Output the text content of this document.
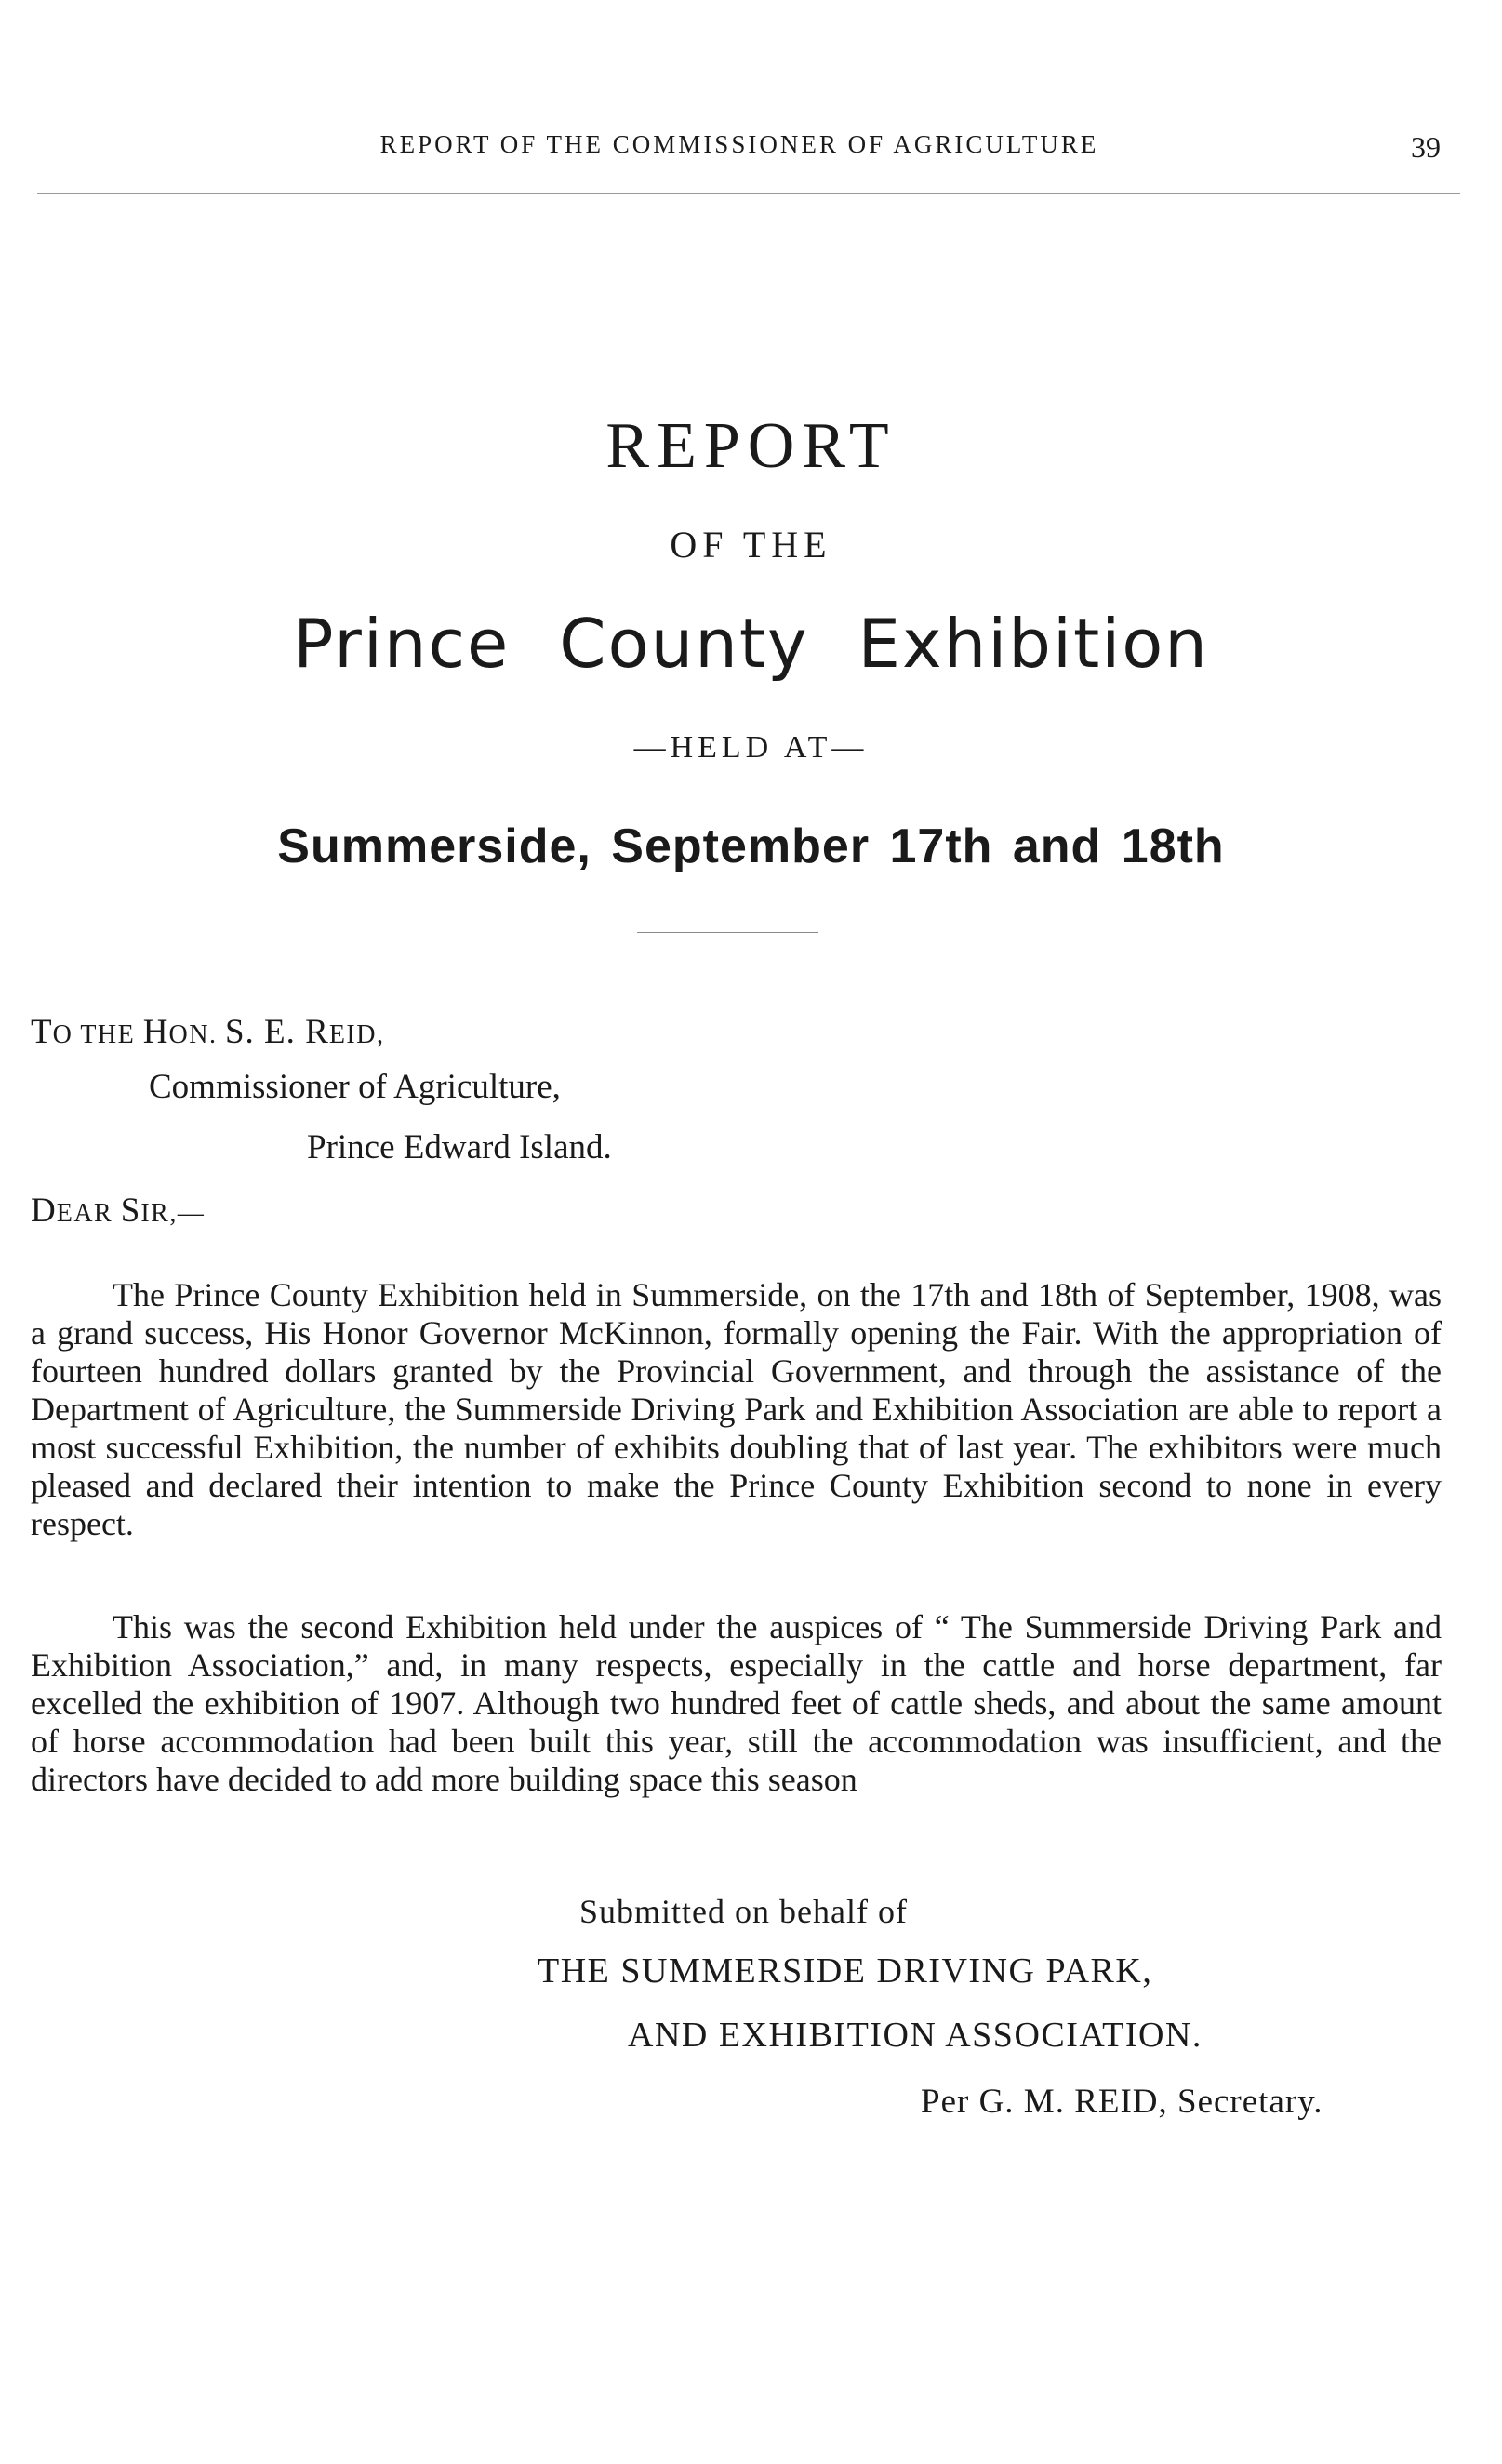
REPORT OF THE COMMISSIONER OF AGRICULTURE	39
REPORT
OF THE
Prince County Exhibition
—HELD AT—
Summerside, September 17th and 18th
TO THE HON. S. E. REID,
Commissioner of Agriculture,
Prince Edward Island.
DEAR SIR,—

The Prince County Exhibition held in Summerside, on the 17th and 18th of September, 1908, was a grand success, His Honor Governor McKinnon, formally opening the Fair. With the appropriation of fourteen hundred dollars granted by the Provincial Government, and through the assistance of the Department of Agriculture, the Summerside Driving Park and Exhibition Association are able to report a most successful Exhibition, the number of exhibits doubling that of last year. The exhibitors were much pleased and declared their intention to make the Prince County Exhibition second to none in every respect.

This was the second Exhibition held under the auspices of “ The Summerside Driving Park and Exhibition Association,” and, in many respects, especially in the cattle and horse department, far excelled the exhibition of 1907. Although two hundred feet of cattle sheds, and about the same amount of horse accommodation had been built this year, still the accommodation was insufficient, and the directors have decided to add more building space this season

Submitted on behalf of
THE SUMMERSIDE DRIVING PARK,
AND EXHIBITION ASSOCIATION.
Per G. M. REID, Secretary.
